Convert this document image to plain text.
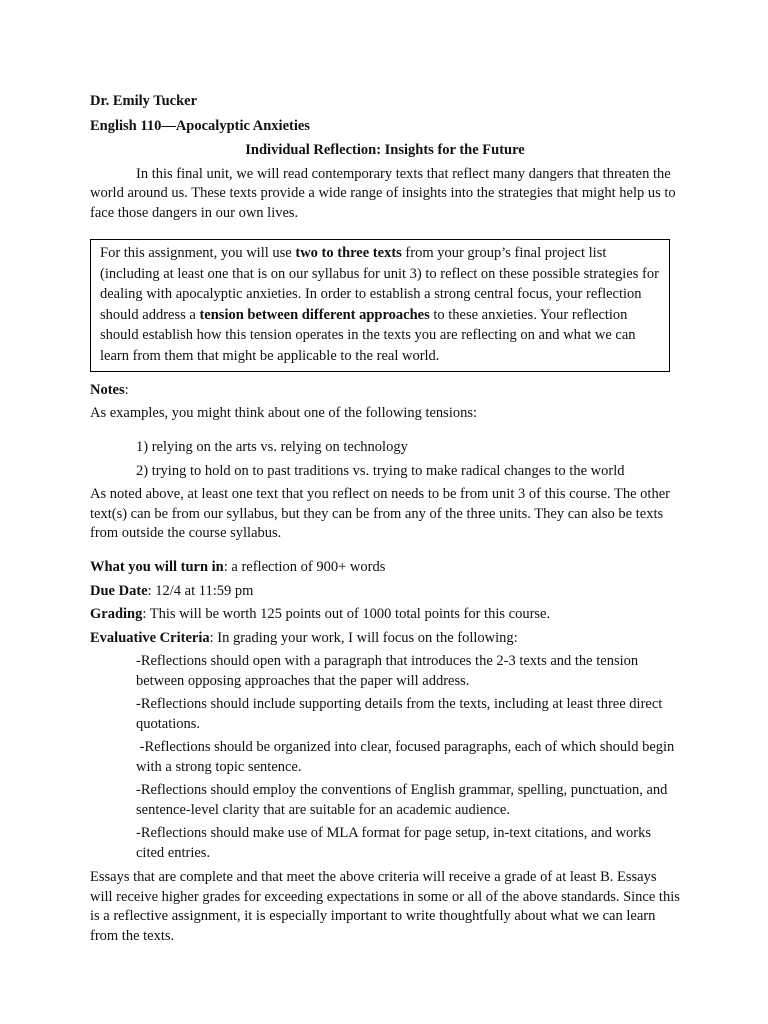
Dr. Emily Tucker

English 110—Apocalyptic Anxieties

Individual Reflection: Insights for the Future

In this final unit, we will read contemporary texts that reflect many dangers that threaten the world around us. These texts provide a wide range of insights into the strategies that might help us to face those dangers in our own lives.

For this assignment, you will use two to three texts from your group’s final project list (including at least one that is on our syllabus for unit 3) to reflect on these possible strategies for dealing with apocalyptic anxieties. In order to establish a strong central focus, your reflection should address a tension between different approaches to these anxieties. Your reflection should establish how this tension operates in the texts you are reflecting on and what we can learn from them that might be applicable to the real world.

Notes:

As examples, you might think about one of the following tensions:

1) relying on the arts vs. relying on technology

2) trying to hold on to past traditions vs. trying to make radical changes to the world

As noted above, at least one text that you reflect on needs to be from unit 3 of this course. The other text(s) can be from our syllabus, but they can be from any of the three units. They can also be texts from outside the course syllabus.

What you will turn in: a reflection of 900+ words

Due Date: 12/4 at 11:59 pm

Grading: This will be worth 125 points out of 1000 total points for this course.

Evaluative Criteria: In grading your work, I will focus on the following:

-Reflections should open with a paragraph that introduces the 2-3 texts and the tension between opposing approaches that the paper will address.

-Reflections should include supporting details from the texts, including at least three direct quotations.

-Reflections should be organized into clear, focused paragraphs, each of which should begin with a strong topic sentence.

-Reflections should employ the conventions of English grammar, spelling, punctuation, and sentence-level clarity that are suitable for an academic audience.

-Reflections should make use of MLA format for page setup, in-text citations, and works cited entries.

Essays that are complete and that meet the above criteria will receive a grade of at least B. Essays will receive higher grades for exceeding expectations in some or all of the above standards. Since this is a reflective assignment, it is especially important to write thoughtfully about what we can learn from the texts.
